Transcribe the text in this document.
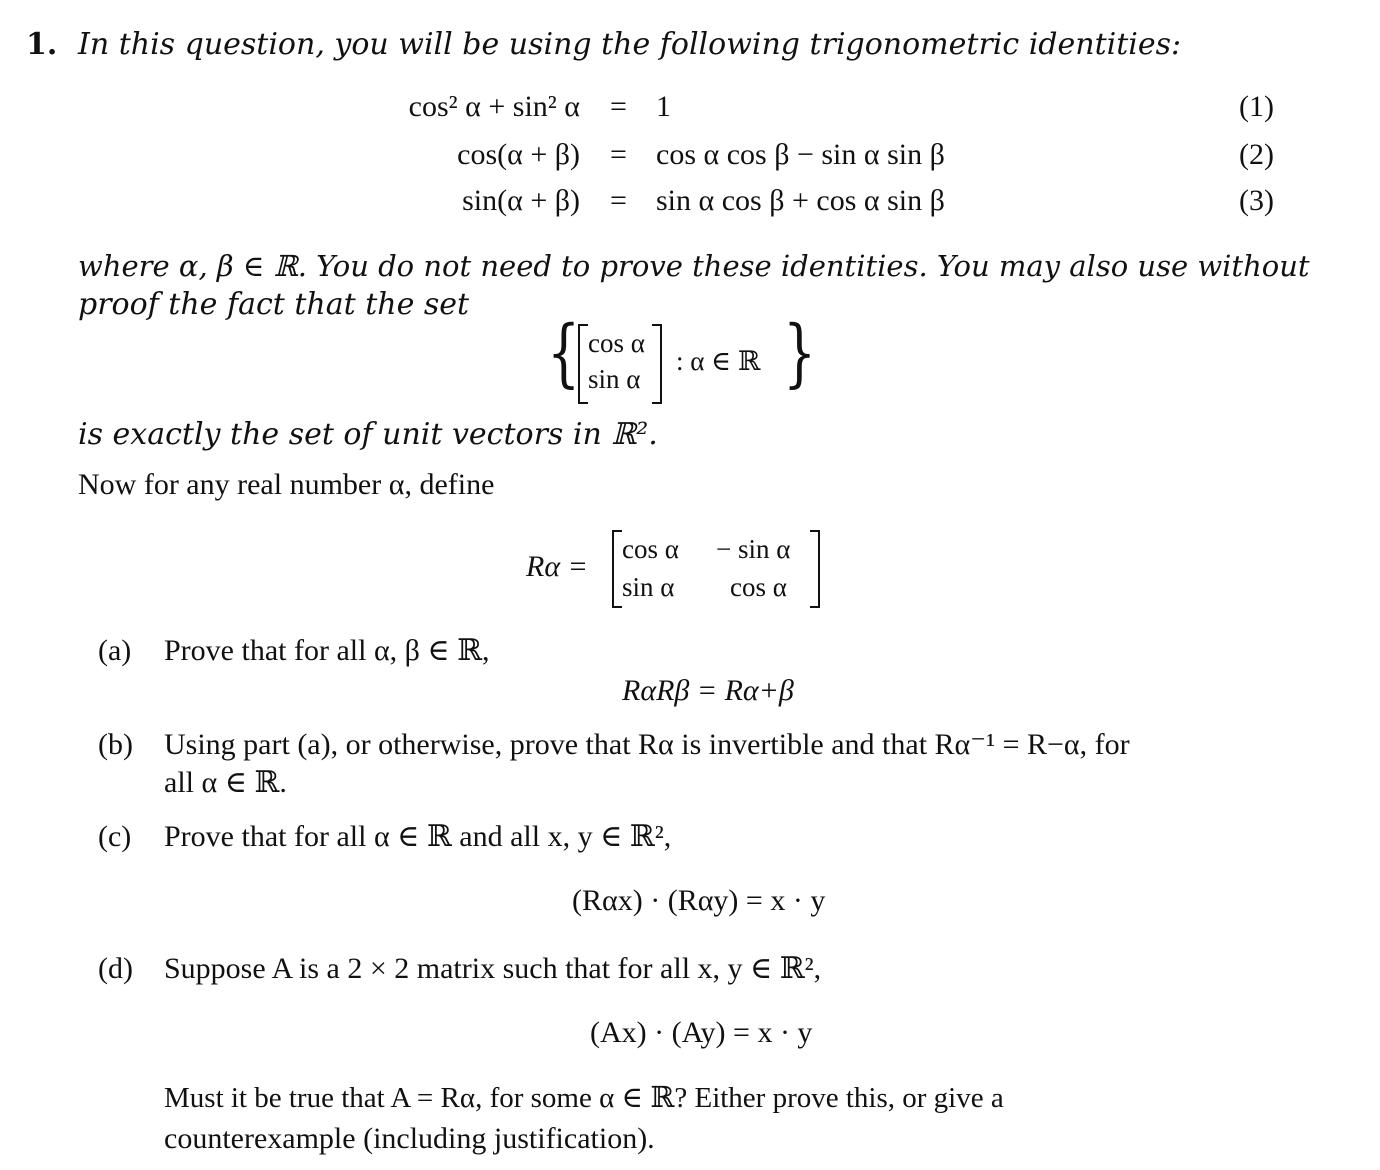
1. In this question, you will be using the following trigonometric identities:
cos² α + sin² α = 1	(1)
cos(α + β) = cos α cos β − sin α sin β	(2)
sin(α + β) = sin α cos β + cos α sin β	(3)
where α, β ∈ ℝ. You do not need to prove these identities. You may also use without
proof the fact that the set
{ cos α
sin α
: α ∈ ℝ }
is exactly the set of unit vectors in ℝ².
Now for any real number α, define
Rα =
cos α − sin α
sin α cos α
(a) Prove that for all α, β ∈ ℝ,
RαRβ = Rα+β
(b) Using part (a), or otherwise, prove that Rα is invertible and that Rα⁻¹ = R−α, for
all α ∈ ℝ.
(c) Prove that for all α ∈ ℝ and all x, y ∈ ℝ²,
(Rαx) · (Rαy) = x · y
(d) Suppose A is a 2 × 2 matrix such that for all x, y ∈ ℝ²,
(Ax) · (Ay) = x · y
Must it be true that A = Rα, for some α ∈ ℝ? Either prove this, or give a
counterexample (including justification).
